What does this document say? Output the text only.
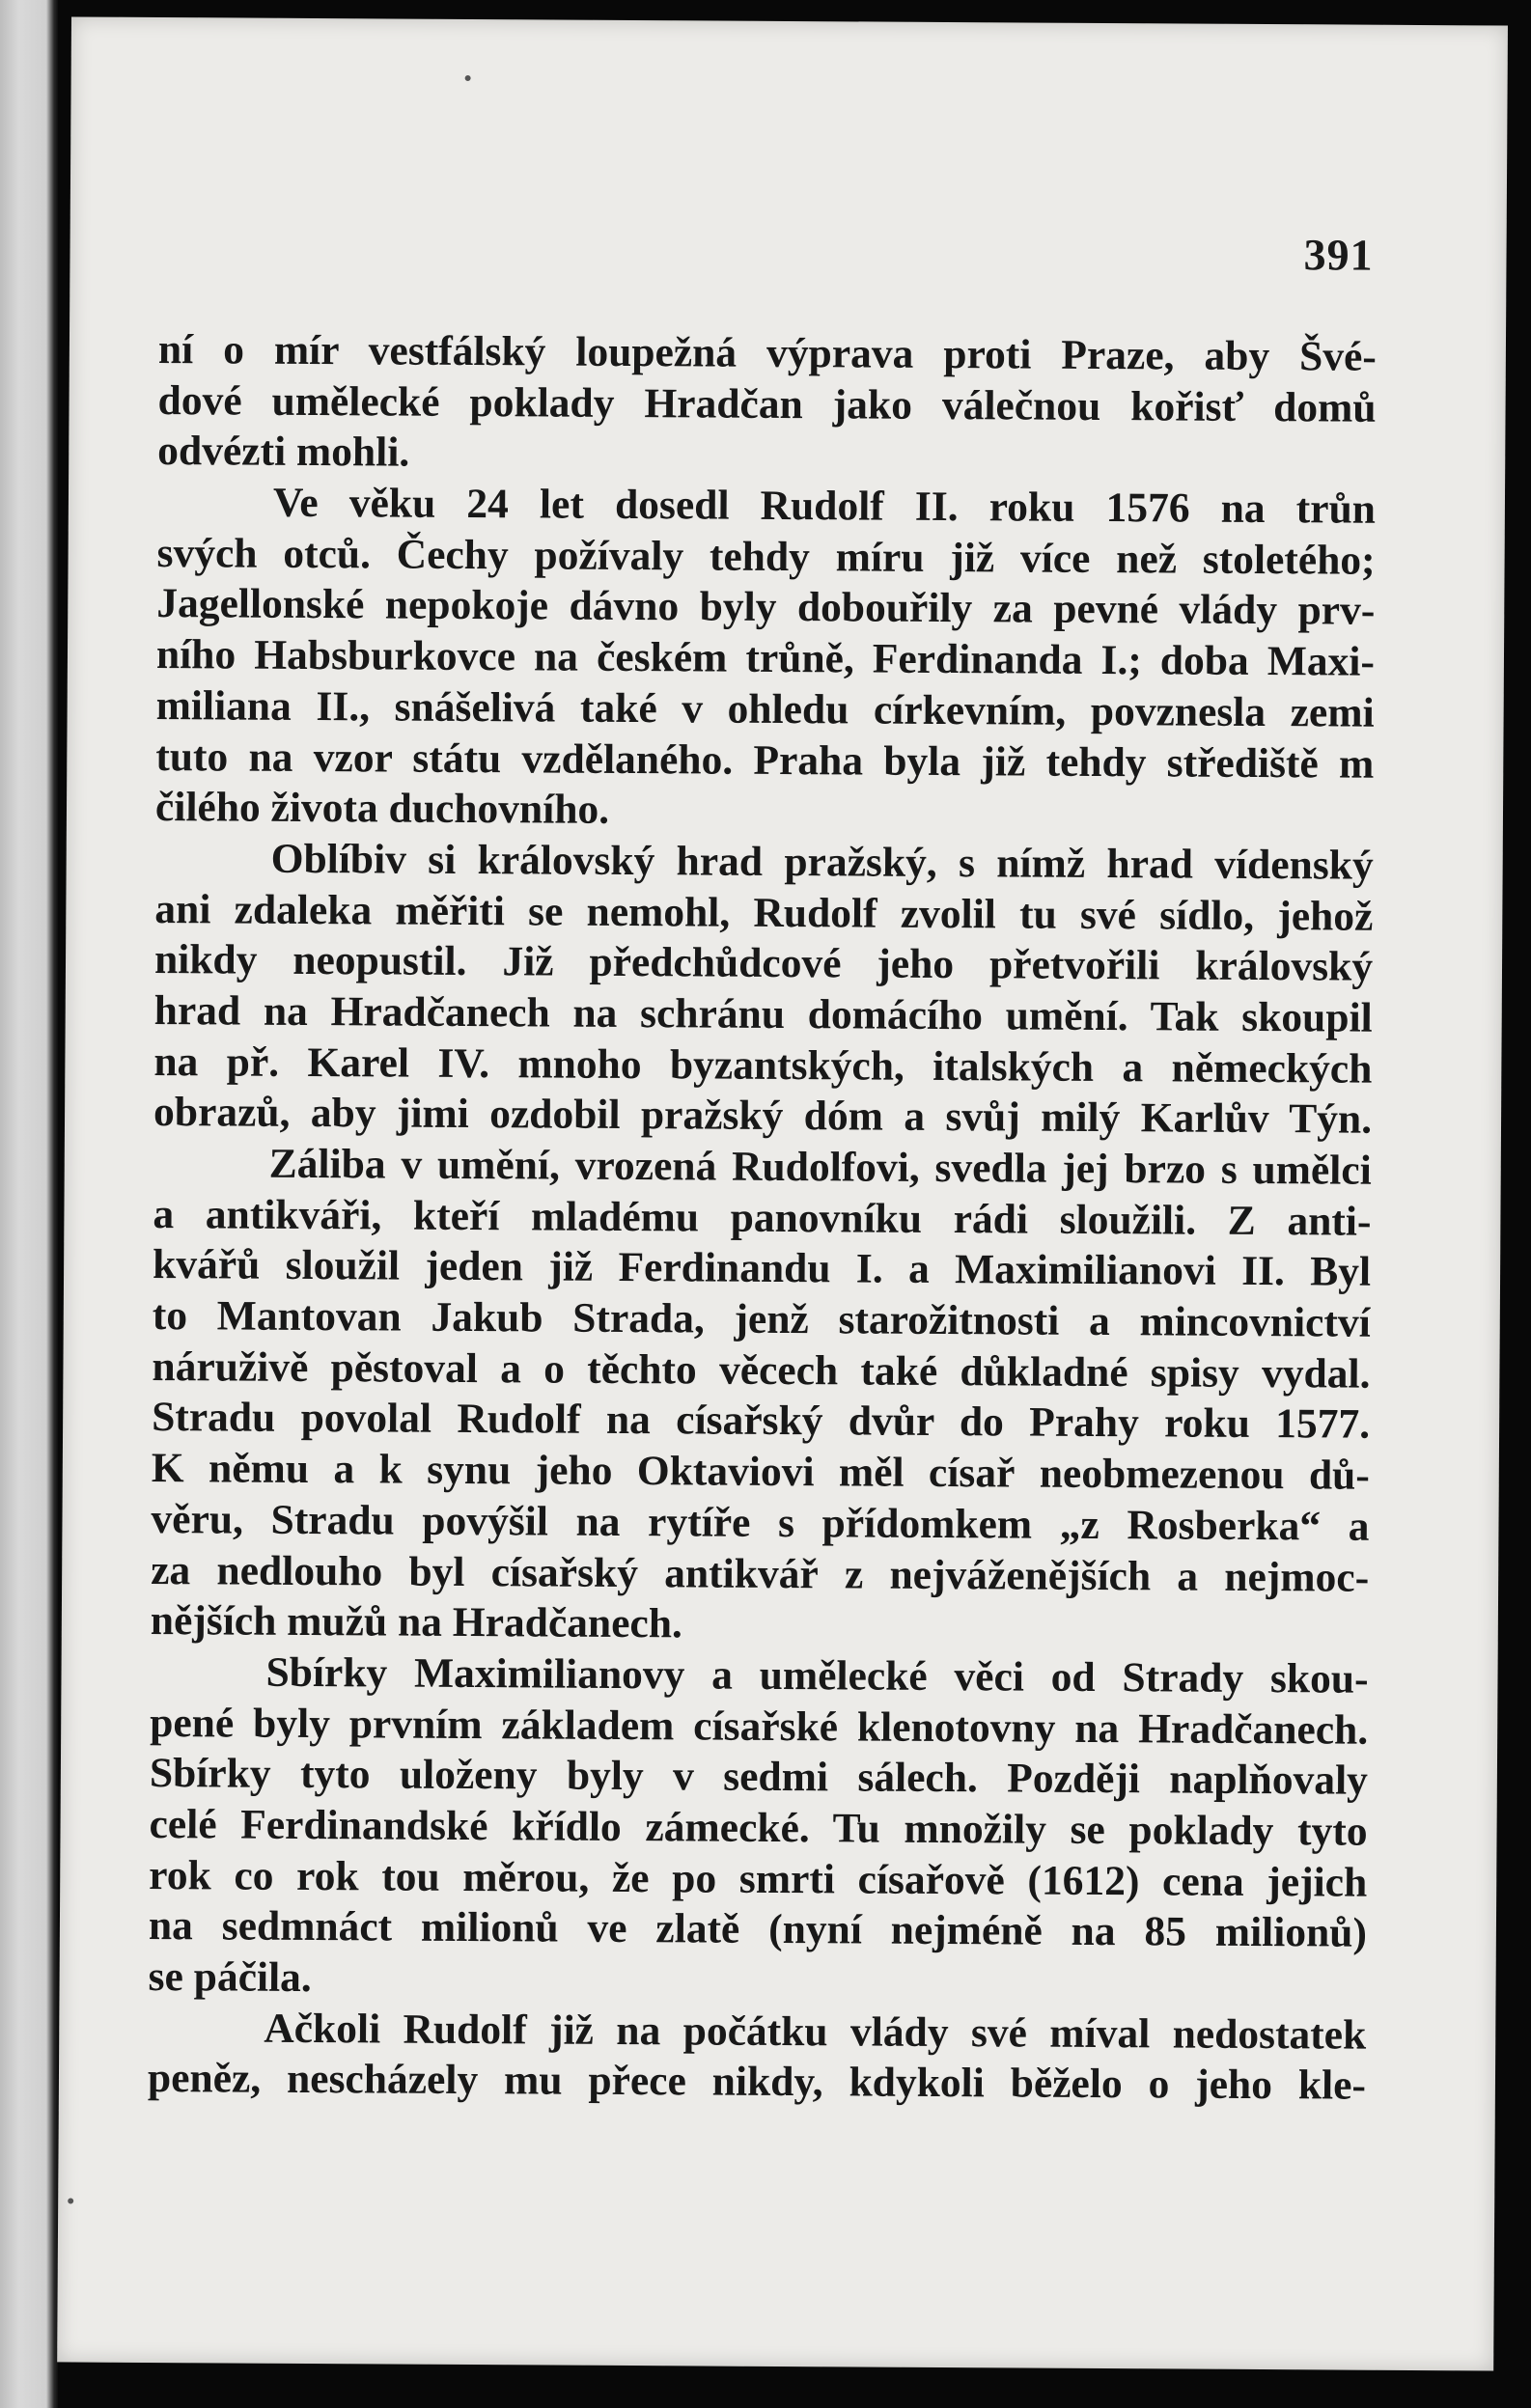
391
ní o mír vestfálský loupežná výprava proti Praze, aby Švé-
dové umělecké poklady Hradčan jako válečnou kořisť domů
odvézti mohli.
Ve věku 24 let dosedl Rudolf II. roku 1576 na trůn
svých otců. Čechy požívaly tehdy míru již více než stoletého;
Jagellonské nepokoje dávno byly dobouřily za pevné vlády prv-
ního Habsburkovce na českém trůně, Ferdinanda I.; doba Maxi-
miliana II., snášelivá také v ohledu církevním, povznesla zemi
tuto na vzor státu vzdělaného. Praha byla již tehdy střediště m
čilého života duchovního.
Oblíbiv si královský hrad pražský, s nímž hrad vídenský
ani zdaleka měřiti se nemohl, Rudolf zvolil tu své sídlo, jehož
nikdy neopustil. Již předchůdcové jeho přetvořili královský
hrad na Hradčanech na schránu domácího umění. Tak skoupil
na př. Karel IV. mnoho byzantských, italských a německých
obrazů, aby jimi ozdobil pražský dóm a svůj milý Karlův Týn.
Záliba v umění, vrozená Rudolfovi, svedla jej brzo s umělci
a antikváři, kteří mladému panovníku rádi sloužili. Z anti-
kvářů sloužil jeden již Ferdinandu I. a Maximilianovi II. Byl
to Mantovan Jakub Strada, jenž starožitnosti a mincovnictví
náruživě pěstoval a o těchto věcech také důkladné spisy vydal.
Stradu povolal Rudolf na císařský dvůr do Prahy roku 1577.
K němu a k synu jeho Oktaviovi měl císař neobmezenou dů-
věru, Stradu povýšil na rytíře s přídomkem „z Rosberka“ a
za nedlouho byl císařský antikvář z nejváženějších a nejmoc-
nějších mužů na Hradčanech.
Sbírky Maximilianovy a umělecké věci od Strady skou-
pené byly prvním základem císařské klenotovny na Hradčanech.
Sbírky tyto uloženy byly v sedmi sálech. Později naplňovaly
celé Ferdinandské křídlo zámecké. Tu množily se poklady tyto
rok co rok tou měrou, že po smrti císařově (1612) cena jejich
na sedmnáct milionů ve zlatě (nyní nejméně na 85 milionů)
se páčila.
Ačkoli Rudolf již na počátku vlády své míval nedostatek
peněz, nescházely mu přece nikdy, kdykoli běželo o jeho kle-
